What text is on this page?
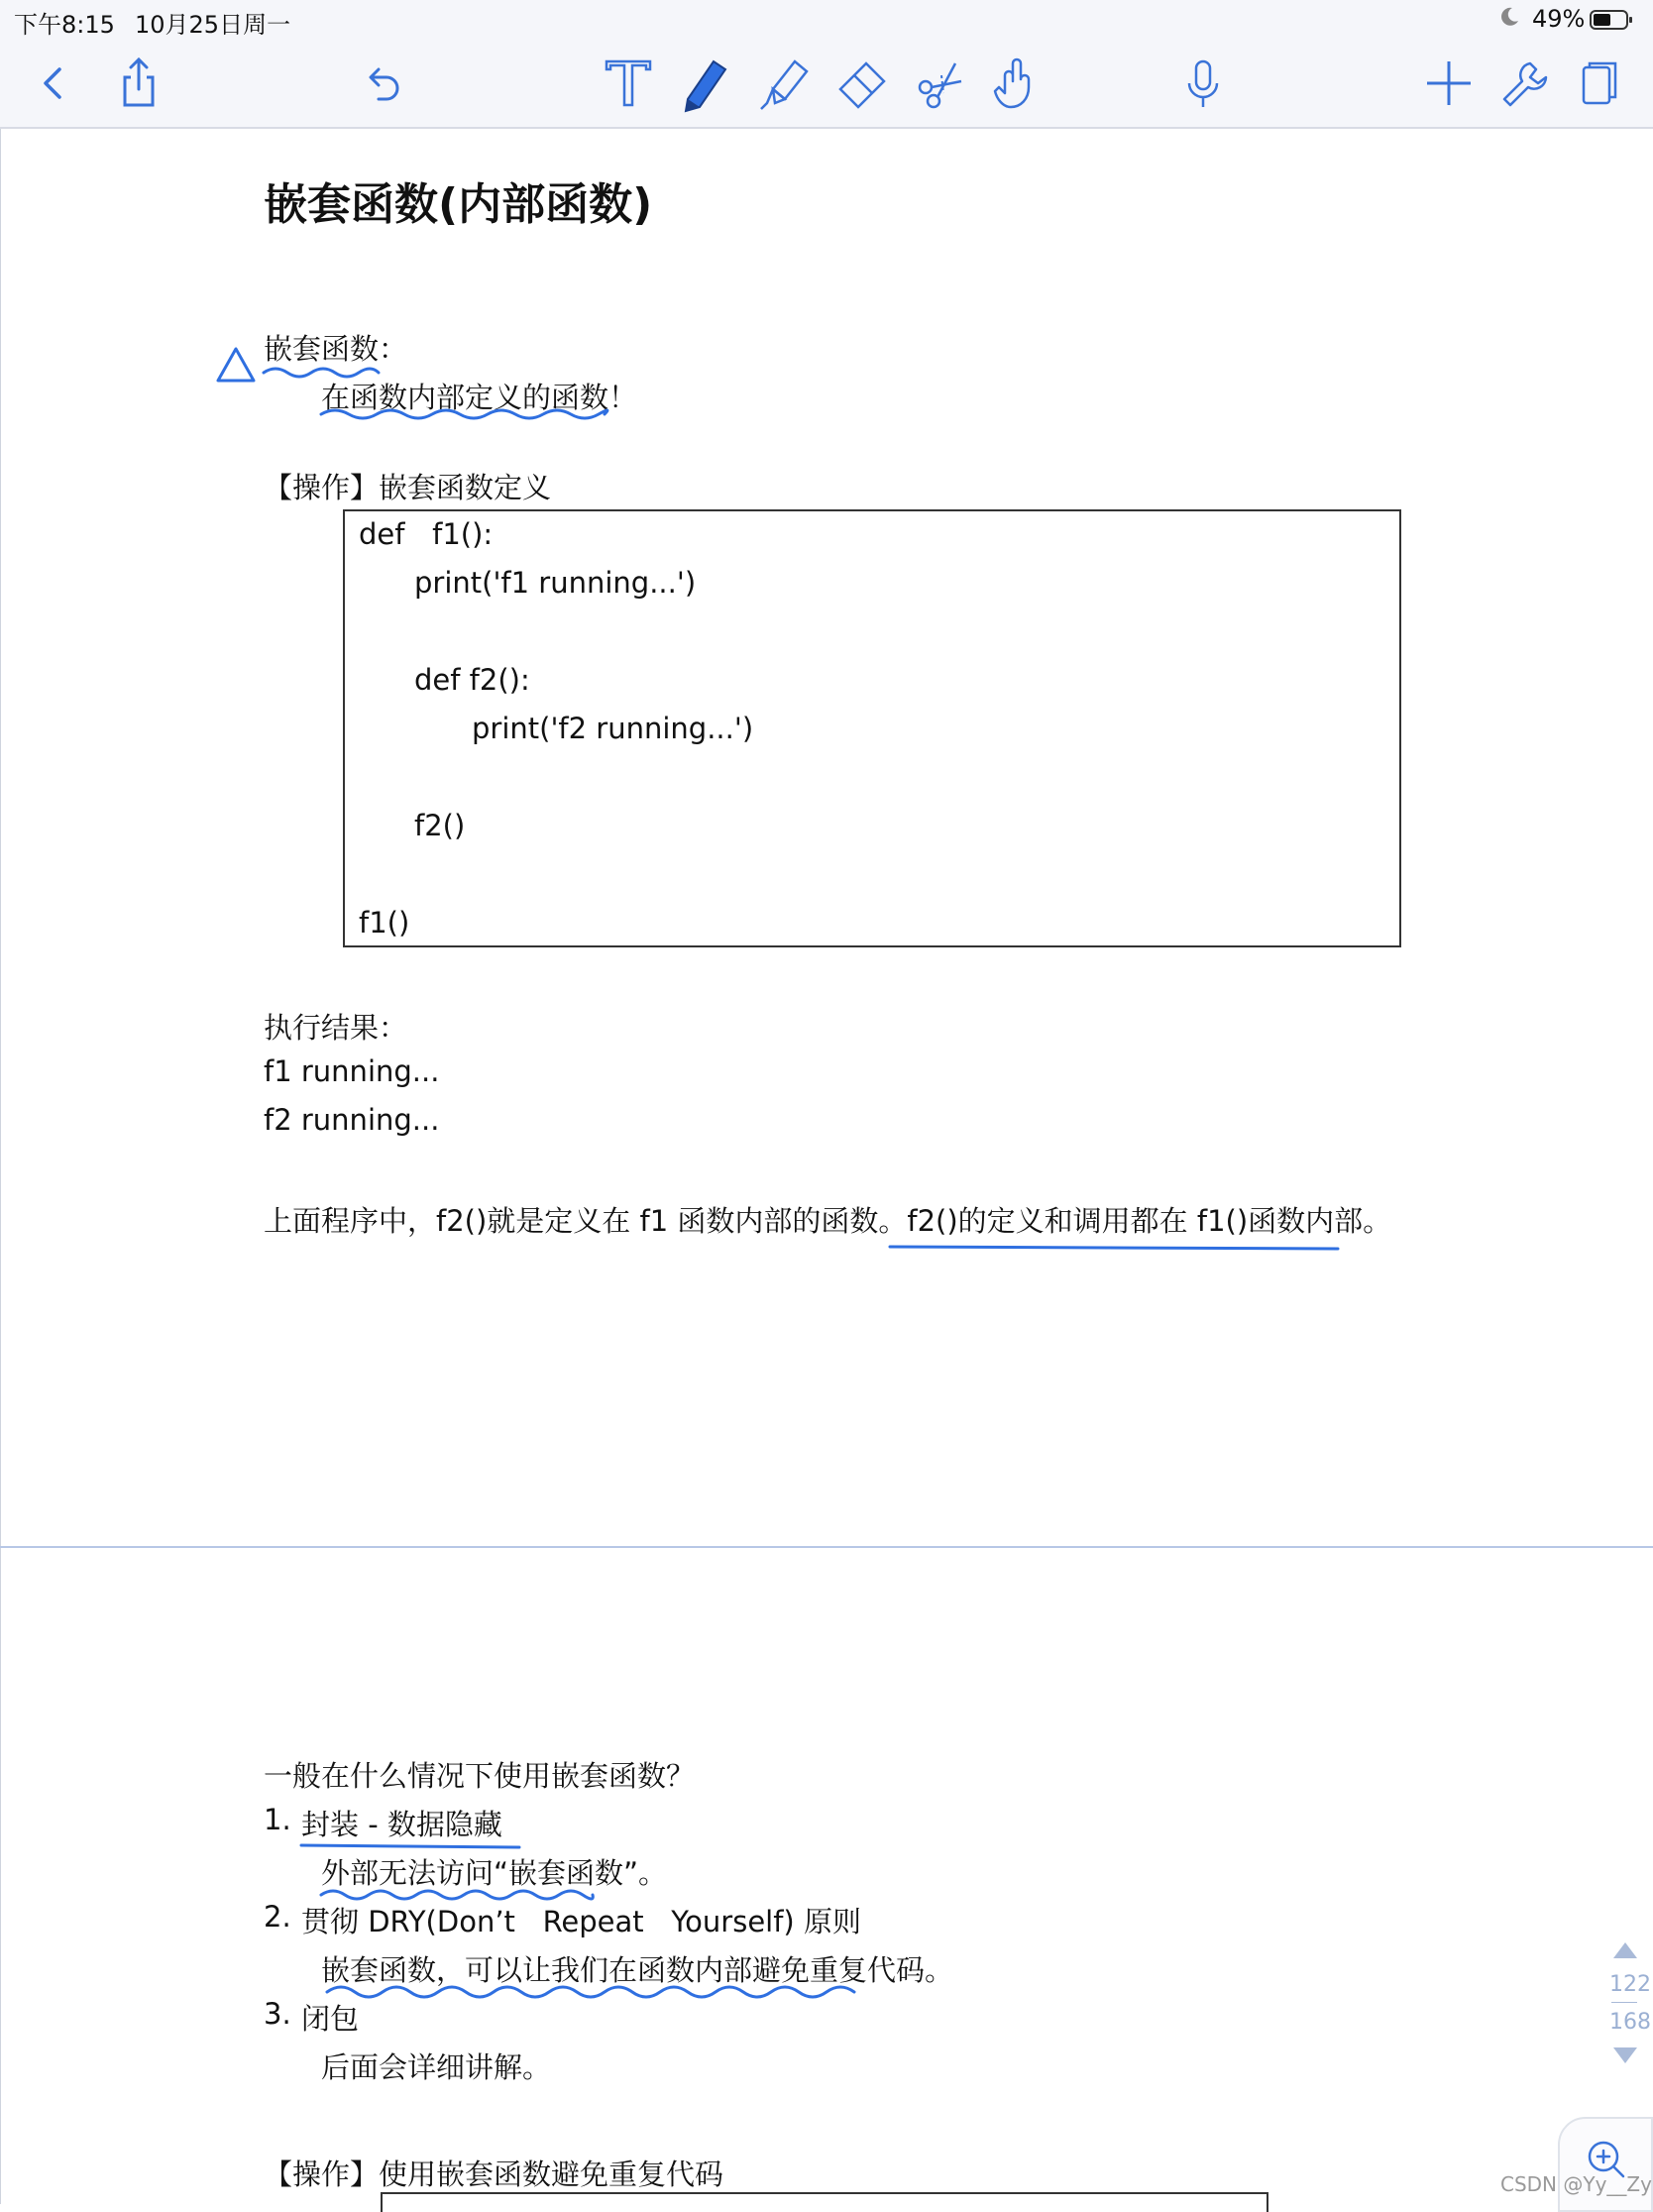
下午8:15 10月25日周一	49%
嵌套函数(内部函数)
嵌套函数：
在函数内部定义的函数！
【操作】嵌套函数定义
def   f1():
print('f1 running...')
def f2():
print('f2 running...')
f2()
f1()
执行结果：
f1 running...
f2 running...
上面程序中，f2()就是定义在 f1 函数内部的函数。f2()的定义和调用都在 f1()函数内部。
一般在什么情况下使用嵌套函数？
1. 封装 - 数据隐藏
外部无法访问“嵌套函数”。
2. 贯彻 DRY(Don’t   Repeat   Yourself) 原则
嵌套函数，可以让我们在函数内部避免重复代码。
3. 闭包
后面会详细讲解。
【操作】使用嵌套函数避免重复代码
122
168
CSDN @Yy__Zy
